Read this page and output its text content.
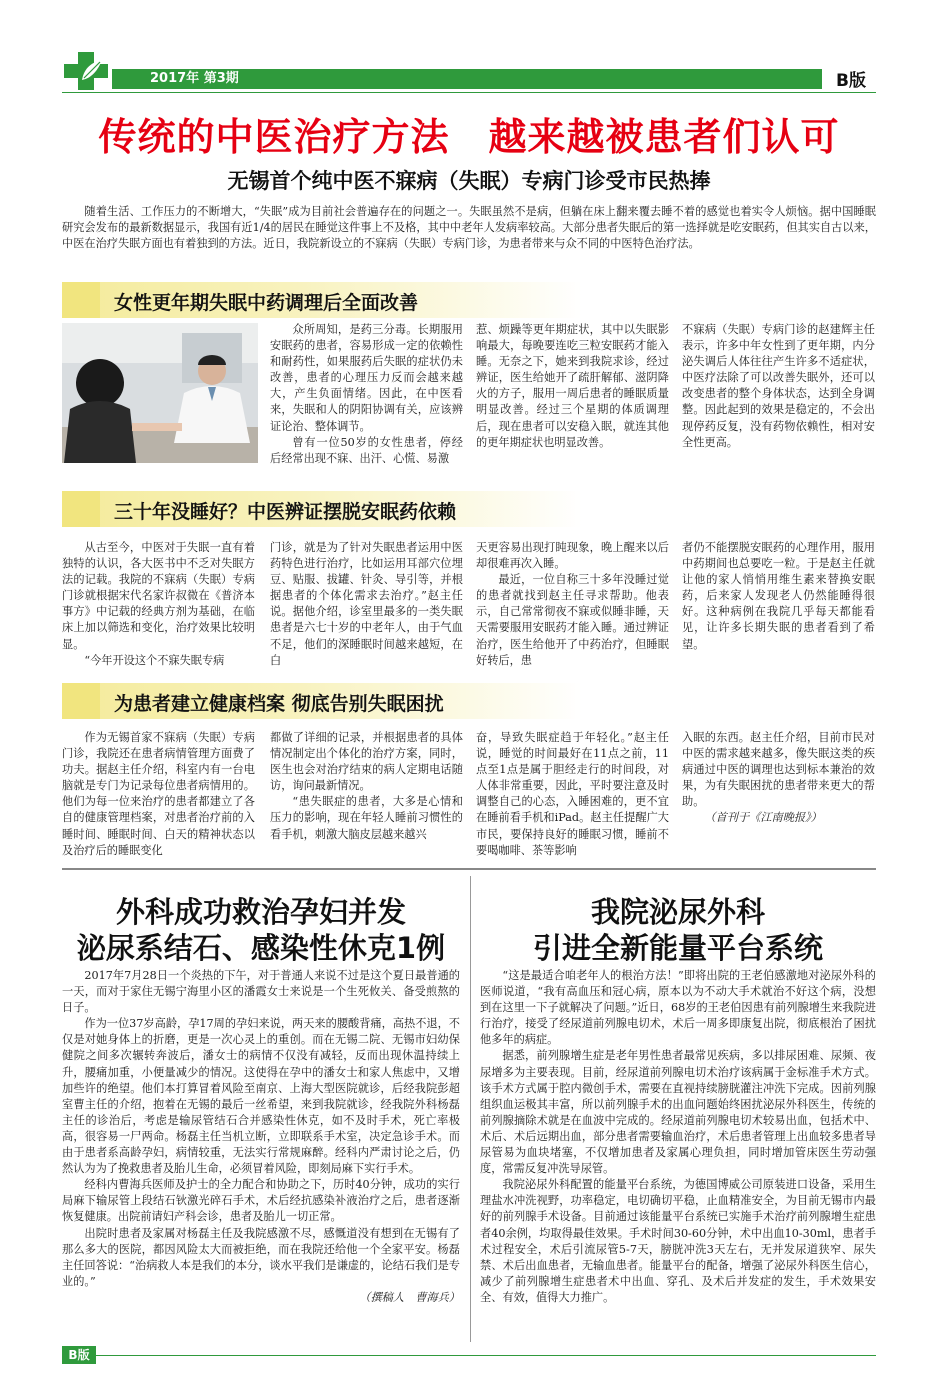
2017年 第3期	B版
传统的中医治疗方法　越来越被患者们认可
无锡首个纯中医不寐病（失眠）专病门诊受市民热捧

随着生活、工作压力的不断增大，“失眠”成为目前社会普遍存在的问题之一。失眠虽然不是病，但躺在床上翻来覆去睡不着的感觉也着实令人烦恼。据中国睡眠研究会发布的最新数据显示，我国有近1/4的居民在睡觉这件事上不及格，其中中老年人发病率较高。大部分患者失眠后的第一选择就是吃安眠药，但其实自古以来，中医在治疗失眠方面也有着独到的方法。近日，我院新设立的不寐病（失眠）专病门诊，为患者带来与众不同的中医特色治疗法。

女性更年期失眠中药调理后全面改善

众所周知，是药三分毒。长期服用安眠药的患者，容易形成一定的依赖性和耐药性，如果服药后失眠的症状仍未改善，患者的心理压力反而会越来越大，产生负面情绪。因此，在中医看来，失眠和人的阴阳协调有关，应该辨证论治、整体调节。

曾有一位50岁的女性患者，停经后经常出现不寐、出汗、心慌、易激

惹、烦躁等更年期症状，其中以失眠影响最大，每晚要连吃三粒安眠药才能入睡。无奈之下，她来到我院求诊，经过辨证，医生给她开了疏肝解郁、滋阴降火的方子，服用一周后患者的睡眠质量明显改善。经过三个星期的体质调理后，现在患者可以安稳入眠，就连其他的更年期症状也明显改善。

不寐病（失眠）专病门诊的赵建辉主任表示，许多中年女性到了更年期，内分泌失调后人体往往产生许多不适症状，中医疗法除了可以改善失眠外，还可以改变患者的整个身体状态，达到全身调整。因此起到的效果是稳定的，不会出现停药反复，没有药物依赖性，相对安全性更高。

三十年没睡好？中医辨证摆脱安眠药依赖

从古至今，中医对于失眠一直有着独特的认识，各大医书中不乏对失眠方法的记载。我院的不寐病（失眠）专病门诊就根据宋代名家许叔微在《普济本事方》中记载的经典方剂为基础，在临床上加以筛选和变化，治疗效果比较明显。

“今年开设这个不寐失眠专病

门诊，就是为了针对失眠患者运用中医药特色进行治疗，比如运用耳部穴位埋豆、贴服、拔罐、针灸、导引等，并根据患者的个体化需求去治疗。”赵主任说。据他介绍，诊室里最多的一类失眠患者是六七十岁的中老年人，由于气血不足，他们的深睡眠时间越来越短，在白

天更容易出现打盹现象，晚上醒来以后却很难再次入睡。

最近，一位自称三十多年没睡过觉的患者就找到赵主任寻求帮助。他表示，自己常常彻夜不寐或似睡非睡，天天需要服用安眠药才能入睡。通过辨证治疗，医生给他开了中药治疗，但睡眠好转后，患

者仍不能摆脱安眠药的心理作用，服用中药期间也总要吃一粒。于是赵主任就让他的家人悄悄用维生素来替换安眠药，后来家人发现老人仍然能睡得很好。这种病例在我院几乎每天都能看见，让许多长期失眠的患者看到了希望。

为患者建立健康档案 彻底告别失眠困扰

作为无锡首家不寐病（失眠）专病门诊，我院还在患者病情管理方面费了功夫。据赵主任介绍，科室内有一台电脑就是专门为记录每位患者病情用的。他们为每一位来治疗的患者都建立了各自的健康管理档案，对患者治疗前的入睡时间、睡眠时间、白天的精神状态以及治疗后的睡眠变化

都做了详细的记录，并根据患者的具体情况制定出个体化的治疗方案，同时，医生也会对治疗结束的病人定期电话随访，询问最新情况。

“患失眠症的患者，大多是心情和压力的影响，现在年轻人睡前习惯性的看手机，刺激大脑皮层越来越兴

奋，导致失眠症趋于年轻化。”赵主任说，睡觉的时间最好在11点之前，11点至1点是属于胆经走行的时间段，对人体非常重要，因此，平时要注意及时调整自己的心态，入睡困难的，更不宜在睡前看手机和iPad。赵主任提醒广大市民，要保持良好的睡眠习惯，睡前不要喝咖啡、茶等影响

入眠的东西。赵主任介绍，目前市民对中医的需求越来越多，像失眠这类的疾病通过中医的调理也达到标本兼治的效果，为有失眠困扰的患者带来更大的帮助。

（首刊于《江南晚报》）

外科成功救治孕妇并发
泌尿系结石、感染性休克1例

2017年7月28日一个炎热的下午，对于普通人来说不过是这个夏日最普通的一天，而对于家住无锡宁海里小区的潘霞女士来说是一个生死攸关、备受煎熬的日子。

作为一位37岁高龄，孕17周的孕妇来说，两天来的腰酸背痛，高热不退，不仅是对她身体上的折磨，更是一次心灵上的重创。而在无锡二院、无锡市妇幼保健院之间多次辗转奔波后，潘女士的病情不仅没有减轻，反而出现休温持续上升，腰痛加重，小便量减少的情况。这使得在孕中的潘女士和家人焦虑中，又增加些许的绝望。他们本打算冒着风险至南京、上海大型医院就诊，后经我院彭超室曹主任的介绍，抱着在无锡的最后一丝希望，来到我院就诊，经我院外科杨磊主任的诊治后，考虑是输尿管结石合并感染性休克，如不及时手术，死亡率极高，很容易一尸两命。杨磊主任当机立断，立即联系手术室，决定急诊手术。而由于患者系高龄孕妇，病情较重，无法实行常规麻醉。经科内严肃讨论之后，仍然认为为了挽救患者及胎儿生命，必须冒着风险，即刻局麻下实行手术。

经科内曹海兵医师及护士的全力配合和协助之下，历时40分钟，成功的实行局麻下输尿管上段结石钬激光碎石手术，术后经抗感染补液治疗之后，患者逐渐恢复健康。出院前请妇产科会诊，患者及胎儿一切正常。

出院时患者及家属对杨磊主任及我院感激不尽，感慨道没有想到在无锡有了那么多大的医院，都因风险太大而被拒绝，而在我院还给他一个全家平安。杨磊主任回答说：“治病救人本是我们的本分，谈水平我们是谦虚的，论结石我们是专业的。”

（撰稿人　曹海兵）

我院泌尿外科
引进全新能量平台系统

“这是最适合咱老年人的根治方法！”即将出院的王老伯感激地对泌尿外科的医师说道，“我有高血压和冠心病，原本以为不动大手术就治不好这个病，没想到在这里一下子就解决了问题。”近日，68岁的王老伯因患有前列腺增生来我院进行治疗，接受了经尿道前列腺电切术，术后一周多即康复出院，彻底根治了困扰他多年的病症。

据悉，前列腺增生症是老年男性患者最常见疾病，多以排尿困难、尿频、夜尿增多为主要表现。目前，经尿道前列腺电切术治疗该病属于金标准手术方式。该手术方式属于腔内微创手术，需要在直视持续膀胱灌注冲洗下完成。因前列腺组织血运极其丰富，所以前列腺手术的出血问题始终困扰泌尿外科医生，传统的前列腺摘除术就是在血波中完成的。经尿道前列腺电切术较易出血，包括术中、术后、术后远期出血，部分患者需要输血治疗，术后患者管理上出血较多患者导尿管易为血块堵塞，不仅增加患者及家属心理负担，同时增加管床医生劳动强度，常需反复冲洗导尿管。

我院泌尿外科配置的能量平台系统，为德国博威公司原装进口设备，采用生理盐水冲洗视野，功率稳定，电切确切平稳，止血精准安全，为目前无锡市内最好的前列腺手术设备。目前通过该能量平台系统已实施手术治疗前列腺增生症患者40余例，均取得最佳效果。手术时间30-60分钟，术中出血10-30ml，患者手术过程安全，术后引流尿管5-7天，膀胱冲洗3天左右，无并发尿道狭窄、尿失禁、术后出血患者，无输血患者。能量平台的配备，增强了泌尿外科医生信心，减少了前列腺增生症患者术中出血、穿孔、及术后并发症的发生，手术效果安全、有效，值得大力推广。

B版
